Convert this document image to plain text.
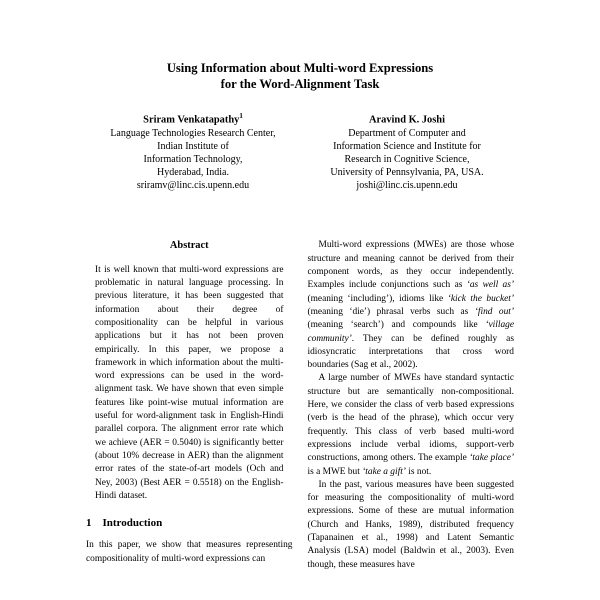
Using Information about Multi-word Expressions
for the Word-Alignment Task
Sriram Venkatapathy$^1$
Language Technologies Research Center,
Indian Institute of
Information Technology,
Hyderabad, India.
sriramv@linc.cis.upenn.edu
Aravind K. Joshi
Department of Computer and
Information Science and Institute for
Research in Cognitive Science,
University of Pennsylvania, PA, USA.
joshi@linc.cis.upenn.edu
Abstract

It is well known that multi-word expressions are problematic in natural language processing. In previous literature, it has been suggested that information about their degree of compositionality can be helpful in various applications but it has not been proven empirically. In this paper, we propose a framework in which information about the multi-word expressions can be used in the word-alignment task. We have shown that even simple features like point-wise mutual information are useful for word-alignment task in English-Hindi parallel corpora. The alignment error rate which we achieve (AER = 0.5040) is significantly better (about 10% decrease in AER) than the alignment error rates of the state-of-art models (Och and Ney, 2003) (Best AER = 0.5518) on the English-Hindi dataset.

1 Introduction

In this paper, we show that measures representing compositionality of multi-word expressions can

Multi-word expressions (MWEs) are those whose structure and meaning cannot be derived from their component words, as they occur independently. Examples include conjunctions such as ‘as well as’ (meaning ‘including’), idioms like ‘kick the bucket’ (meaning ‘die’) phrasal verbs such as ‘find out’ (meaning ‘search’) and compounds like ‘village community’. They can be defined roughly as idiosyncratic interpretations that cross word boundaries (Sag et al., 2002).

A large number of MWEs have standard syntactic structure but are semantically non-compositional. Here, we consider the class of verb based expressions (verb is the head of the phrase), which occur very frequently. This class of verb based multi-word expressions include verbal idioms, support-verb constructions, among others. The example ‘take place’ is a MWE but ‘take a gift’ is not.

In the past, various measures have been suggested for measuring the compositionality of multi-word expressions. Some of these are mutual information (Church and Hanks, 1989), distributed frequency (Tapanainen et al., 1998) and Latent Semantic Analysis (LSA) model (Baldwin et al., 2003). Even though, these measures have
